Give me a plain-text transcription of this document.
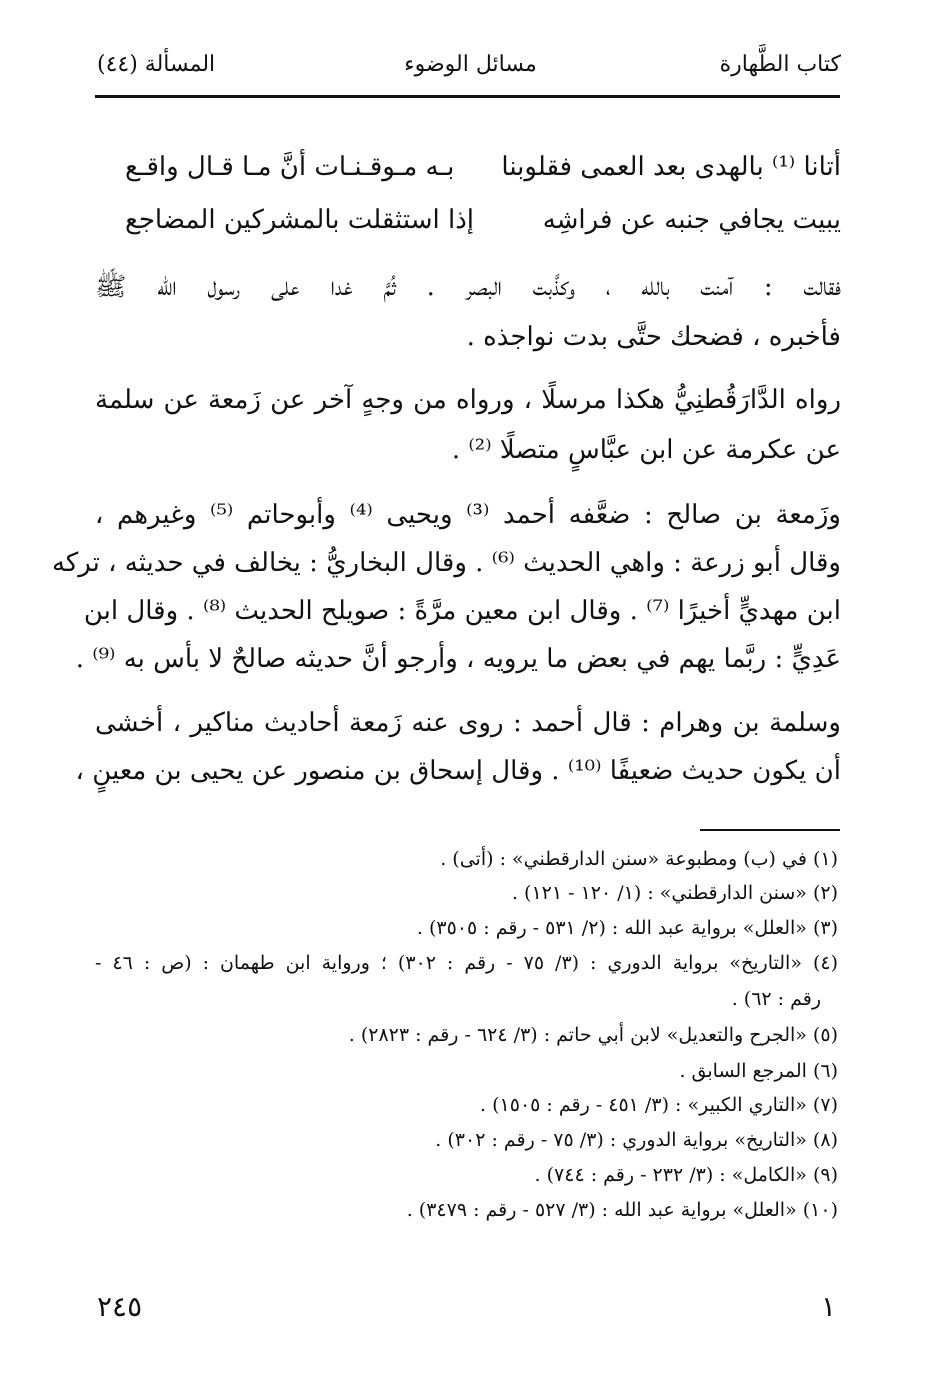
كتاب الطَّهارة
مسائل الوضوء
المسألة (٤٤)
أتانا ⁽¹⁾ بالهدى بعد العمى فقلوبنا
بـه مـوقـنـات أنَّ مـا قـال واقـع
يبيت يجافي جنبه عن فراشِه
إذا استثقلت بالمشركين المضاجع
فقالت : آمنت بالله ، وكذَّبت البصر . ثُمَّ غدا على رسول الله ﷺ
فأخبره ، فضحك حتَّى بدت نواجذه .
رواه الدَّارَقُطنِيُّ هكذا مرسلًا ، ورواه من وجهٍ آخر عن زَمعة عن سلمة
عن عكرمة عن ابن عبَّاسٍ متصلًا ⁽²⁾ .
وزَمعة بن صالح : ضعَّفه أحمد ⁽³⁾ ويحيى ⁽⁴⁾ وأبوحاتم ⁽⁵⁾ وغيرهم ،
وقال أبو زرعة : واهي الحديث ⁽⁶⁾ . وقال البخاريُّ : يخالف في حديثه ، تركه
ابن مهديٍّ أخيرًا ⁽⁷⁾ . وقال ابن معين مرَّةً : صويلح الحديث ⁽⁸⁾ . وقال ابن
عَدِيٍّ : ربَّما يهم في بعض ما يرويه ، وأرجو أنَّ حديثه صالحٌ لا بأس به ⁽⁹⁾ .
وسلمة بن وهرام : قال أحمد : روى عنه زَمعة أحاديث مناكير ، أخشى
أن يكون حديث ضعيفًا ⁽¹⁰⁾ . وقال إسحاق بن منصور عن يحيى بن معينٍ ،
(١) في (ب) ومطبوعة «سنن الدارقطني» : (أتى) .
(٢) «سنن الدارقطني» : (١/ ١٢٠ - ١٢١) .
(٣) «العلل» برواية عبد الله : (٢/ ٥٣١ - رقم : ٣٥٠٥) .
(٤) «التاريخ» برواية الدوري : (٣/ ٧٥ - رقم : ٣٠٢) ؛ ورواية ابن طهمان : (ص : ٤٦ -
رقم : ٦٢) .
(٥) «الجرح والتعديل» لابن أبي حاتم : (٣/ ٦٢٤ - رقم : ٢٨٢٣) .
(٦) المرجع السابق .
(٧) «التاري الكبير» : (٣/ ٤٥١ - رقم : ١٥٠٥) .
(٨) «التاريخ» برواية الدوري : (٣/ ٧٥ - رقم : ٣٠٢) .
(٩) «الكامل» : (٣/ ٢٣٢ - رقم : ٧٤٤) .
(١٠) «العلل» برواية عبد الله : (٣/ ٥٢٧ - رقم : ٣٤٧٩) .
٢٤٥	١
